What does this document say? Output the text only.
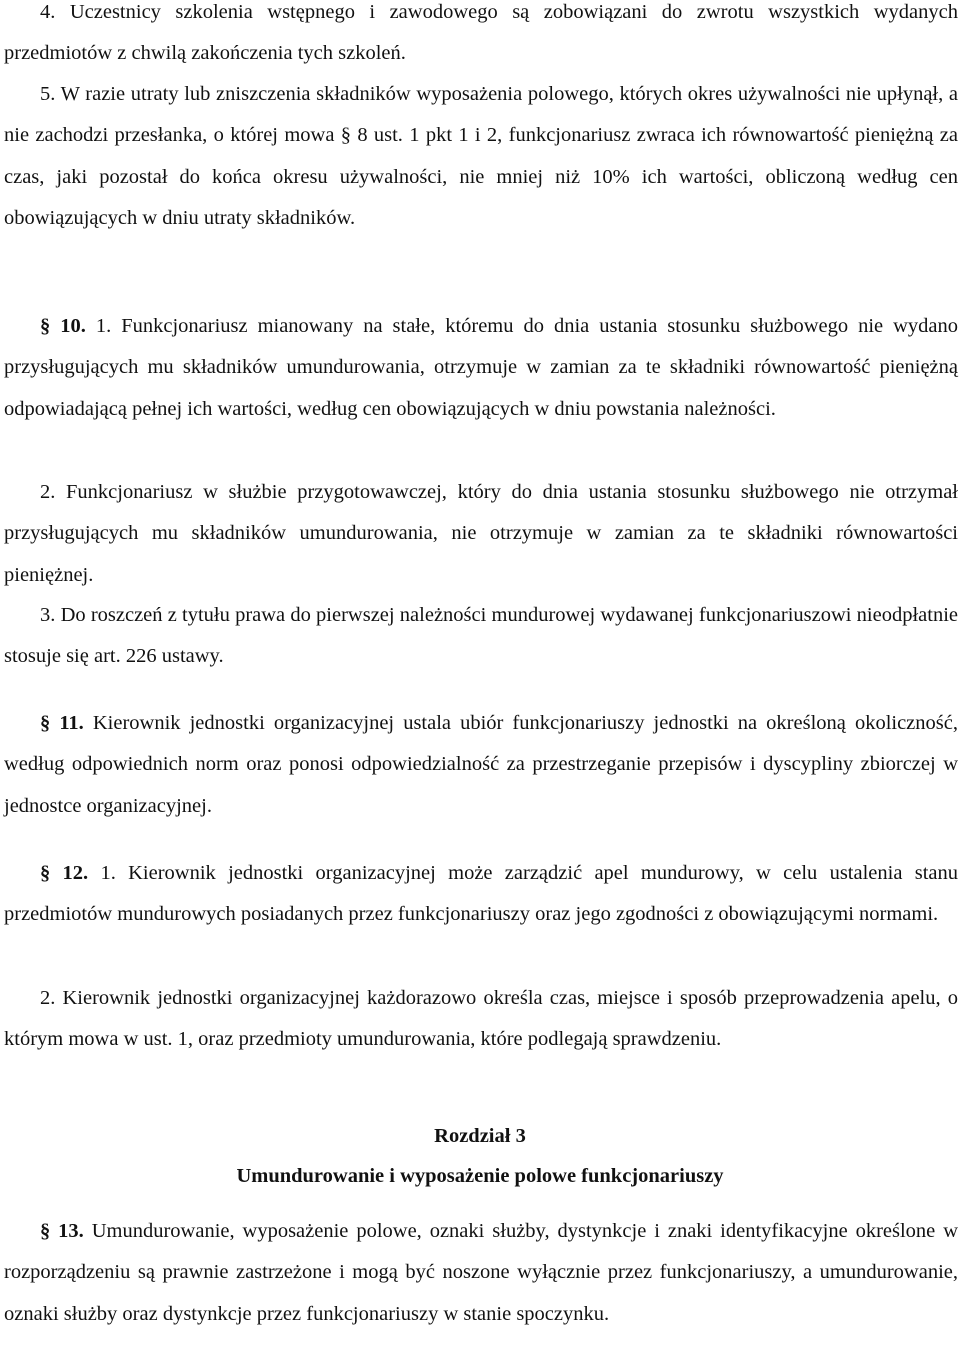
4. Uczestnicy szkolenia wstępnego i zawodowego są zobowiązani do zwrotu wszystkich wydanych przedmiotów z chwilą zakończenia tych szkoleń.

5. W razie utraty lub zniszczenia składników wyposażenia polowego, których okres używalności nie upłynął, a nie zachodzi przesłanka, o której mowa § 8 ust. 1 pkt 1 i 2, funkcjonariusz zwraca ich równowartość pieniężną za czas, jaki pozostał do końca okresu używalności, nie mniej niż 10% ich wartości, obliczoną według cen obowiązujących w dniu utraty składników.

§ 10. 1. Funkcjonariusz mianowany na stałe, któremu do dnia ustania stosunku służbowego nie wydano przysługujących mu składników umundurowania, otrzymuje w zamian za te składniki równowartość pieniężną odpowiadającą pełnej ich wartości, według cen obowiązujących w dniu powstania należności.

2. Funkcjonariusz w służbie przygotowawczej, który do dnia ustania stosunku służbowego nie otrzymał przysługujących mu składników umundurowania, nie otrzymuje w zamian za te składniki równowartości pieniężnej.

3. Do roszczeń z tytułu prawa do pierwszej należności mundurowej wydawanej funkcjonariuszowi nieodpłatnie stosuje się art. 226 ustawy.

§ 11. Kierownik jednostki organizacyjnej ustala ubiór funkcjonariuszy jednostki na określoną okoliczność, według odpowiednich norm oraz ponosi odpowiedzialność za przestrzeganie przepisów i dyscypliny zbiorczej w jednostce organizacyjnej.

§ 12. 1. Kierownik jednostki organizacyjnej może zarządzić apel mundurowy, w celu ustalenia stanu przedmiotów mundurowych posiadanych przez funkcjonariuszy oraz jego zgodności z obowiązującymi normami.

2. Kierownik jednostki organizacyjnej każdorazowo określa czas, miejsce i sposób przeprowadzenia apelu, o którym mowa w ust. 1, oraz przedmioty umundurowania, które podlegają sprawdzeniu.

Rozdział 3

Umundurowanie i wyposażenie polowe funkcjonariuszy

§ 13. Umundurowanie, wyposażenie polowe, oznaki służby, dystynkcje i znaki identyfikacyjne określone w rozporządzeniu są prawnie zastrzeżone i mogą być noszone wyłącznie przez funkcjonariuszy, a umundurowanie, oznaki służby oraz dystynkcje przez funkcjonariuszy w stanie spoczynku.
